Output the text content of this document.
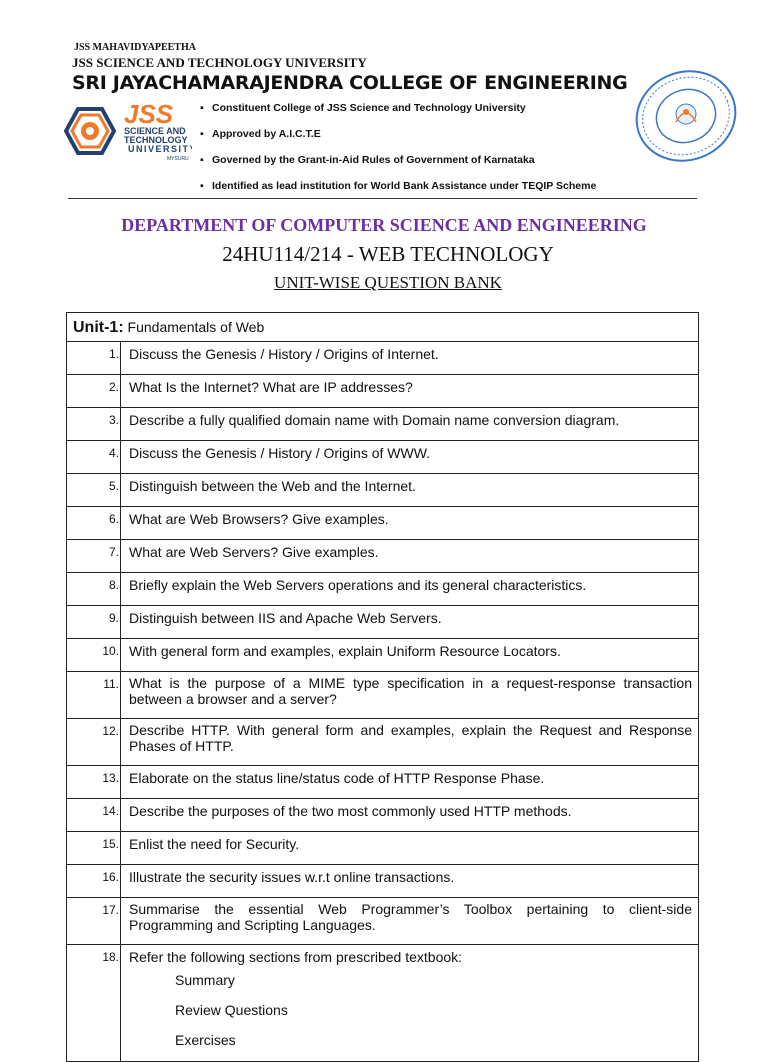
JSS MAHAVIDYAPEETHA
JSS SCIENCE AND TECHNOLOGY UNIVERSITY
SRI JAYACHAMARAJENDRA COLLEGE OF ENGINEERING
JSS
SCIENCE AND
TECHNOLOGY
UNIVERSITY
MYSURU
▪ Constituent College of JSS Science and Technology University
▪ Approved by A.I.C.T.E
▪ Governed by the Grant-in-Aid Rules of Government of Karnataka
▪ Identified as lead institution for World Bank Assistance under TEQIP Scheme
DEPARTMENT OF COMPUTER SCIENCE AND ENGINEERING
24HU114/214 - WEB TECHNOLOGY
UNIT-WISE QUESTION BANK
Unit-1: Fundamentals of Web	
1.	Discuss the Genesis / History / Origins of Internet.
2.	What Is the Internet? What are IP addresses?
3.	Describe a fully qualified domain name with Domain name conversion diagram.
4.	Discuss the Genesis / History / Origins of WWW.
5.	Distinguish between the Web and the Internet.
6.	What are Web Browsers? Give examples.
7.	What are Web Servers? Give examples.
8.	Briefly explain the Web Servers operations and its general characteristics.
9.	Distinguish between IIS and Apache Web Servers.
10.	With general form and examples, explain Uniform Resource Locators.
11.	What is the purpose of a MIME type specification in a request-response transaction between a browser and a server?
12.	Describe HTTP. With general form and examples, explain the Request and Response Phases of HTTP.
13.	Elaborate on the status line/status code of HTTP Response Phase.
14.	Describe the purposes of the two most commonly used HTTP methods.
15.	Enlist the need for Security.
16.	Illustrate the security issues w.r.t online transactions.
17.	Summarise the essential Web Programmer’s Toolbox pertaining to client-side Programming and Scripting Languages.
18.	Refer the following sections from prescribed textbook:
Summary
Review Questions
Exercises
